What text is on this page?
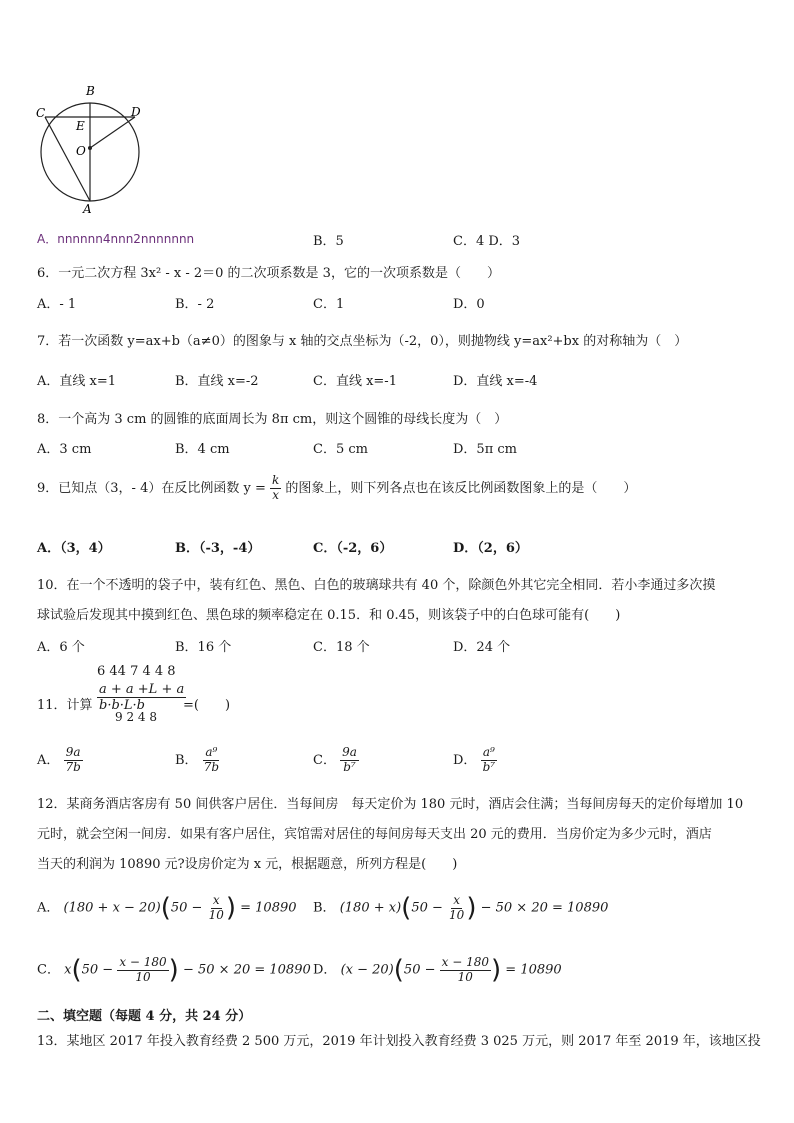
B
C	D
E
O
A
A．nnnnnn4nnn2nnnnnnn	B．5	C．4 D．3
6．一元二次方程 3x² - x - 2＝0 的二次项系数是 3，它的一次项系数是（　　）
A．- 1	B．- 2	C．1	D．0
7．若一次函数 y=ax+b（a≠0）的图象与 x 轴的交点坐标为（-2，0），则抛物线 y=ax²+bx 的对称轴为（　）
A．直线 x=1	B．直线 x=-2	C．直线 x=-1	D．直线 x=-4
8．一个高为 3 cm 的圆锥的底面周长为 8π cm，则这个圆锥的母线长度为（　）
A．3 cm	B．4 cm	C．5 cm	D．5π cm
9．已知点（3，- 4）在反比例函数 $y = \frac{k}{x}$ 的图象上，则下列各点也在该反比例函数图象上的是（　　）
A．（3，4）	B．（-3，-4）	C．（-2，6）	D．（2，6）
10．在一个不透明的袋子中，装有红色、黑色、白色的玻璃球共有 40 个，除颜色外其它完全相同．若小李通过多次摸
球试验后发现其中摸到红色、黑色球的频率稳定在 0.15．和 0.45，则该袋子中的白色球可能有(　　)
A．6 个	B．16 个	C．18 个	D．24 个
6 44 7 4 4 8
11．计算 $\frac{a + a +L + a}{b\cdot b\cdot L\cdot b}$
9 2 4 8
=(　　)
A． $\frac{9a}{7b}$	B． $\frac{\text{a⁹}}{7b}$	C． $\frac{9a}{\text{b⁷}}$	D． $\frac{\text{a⁹}}{\text{b⁷}}$
12．某商务酒店客房有 50 间供客户居住．当每间房　每天定价为 180 元时，酒店会住满；当每间房每天的定价每增加 10
元时，就会空闲一间房．如果有客户居住，宾馆需对居住的每间房每天支出 20 元的费用．当房价定为多少元时，酒店
当天的利润为 10890 元?设房价定为 x 元，根据题意，所列方程是(　　)
A． $(180 + x - 20)(50 - \frac{x}{10}$ ) = 10890 B． $(180 + x)(50 - \frac{x}{10}$ ) − 50 × 20 = 10890
C． $x(50 - \frac{x - 180}{10}$ ) − 50 × 20 = 10890 D． $(x - 20)(50 - \frac{x - 180}{10}$ ) = 10890
二、填空题（每题 4 分，共 24 分）
13．某地区 2017 年投入教育经费 2 500 万元，2019 年计划投入教育经费 3 025 万元，则 2017 年至 2019 年，该地区投
